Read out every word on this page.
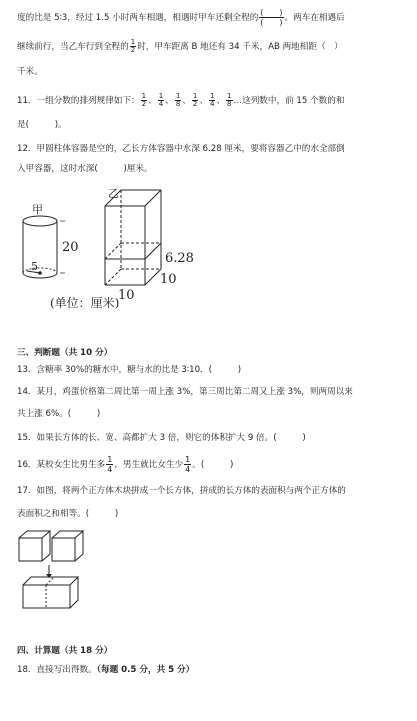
度的比是 5∶3，经过 1.5 小时两车相遇，相遇时甲车还剩全程的 $\frac{( )}{( )}$ 。两车在相遇后
继续前行，当乙车行到全程的 $\frac{1}{2}$ 时，甲车距离 B 地还有 34 千米，AB 两地相距（　）
千米。
11．一组分数的排列规律如下： $\frac{1}{2}$ 、 $\frac{1}{4}$ 、 $\frac{1}{8}$ 、 $\frac{1}{2}$ 、 $\frac{1}{4}$ 、 $\frac{1}{8}$ …这列数中，前 15 个数的和
是(　　　)。
12．甲圆柱体容器是空的，乙长方体容器中水深 6.28 厘米，要将容器乙中的水全部倒
入甲容器，这时水深(　　　)厘米。
甲
20
5
乙
6.28
10
10
(单位：厘米)
三、判断题（共 10 分）
13．含糖率 30%的糖水中，糖与水的比是 3∶10．(　　　)
14．某月，鸡蛋价格第二周比第一周上涨 3%，第三周比第二周又上涨 3%，则两周以来
共上涨 6%。(　　　)
15．如果长方体的长、宽、高都扩大 3 倍，则它的体积扩大 9 倍。(　　　)
16．某校女生比男生多 $\frac{1}{4}$ ，男生就比女生少 $\frac{1}{4}$ 。(　　　)
17．如图，将两个正方体木块拼成一个长方体，拼成的长方体的表面积与两个正方体的
表面积之和相等。(　　　)
四、计算题（共 18 分）
18．直接写出得数。（每题 0.5 分，共 5 分）
